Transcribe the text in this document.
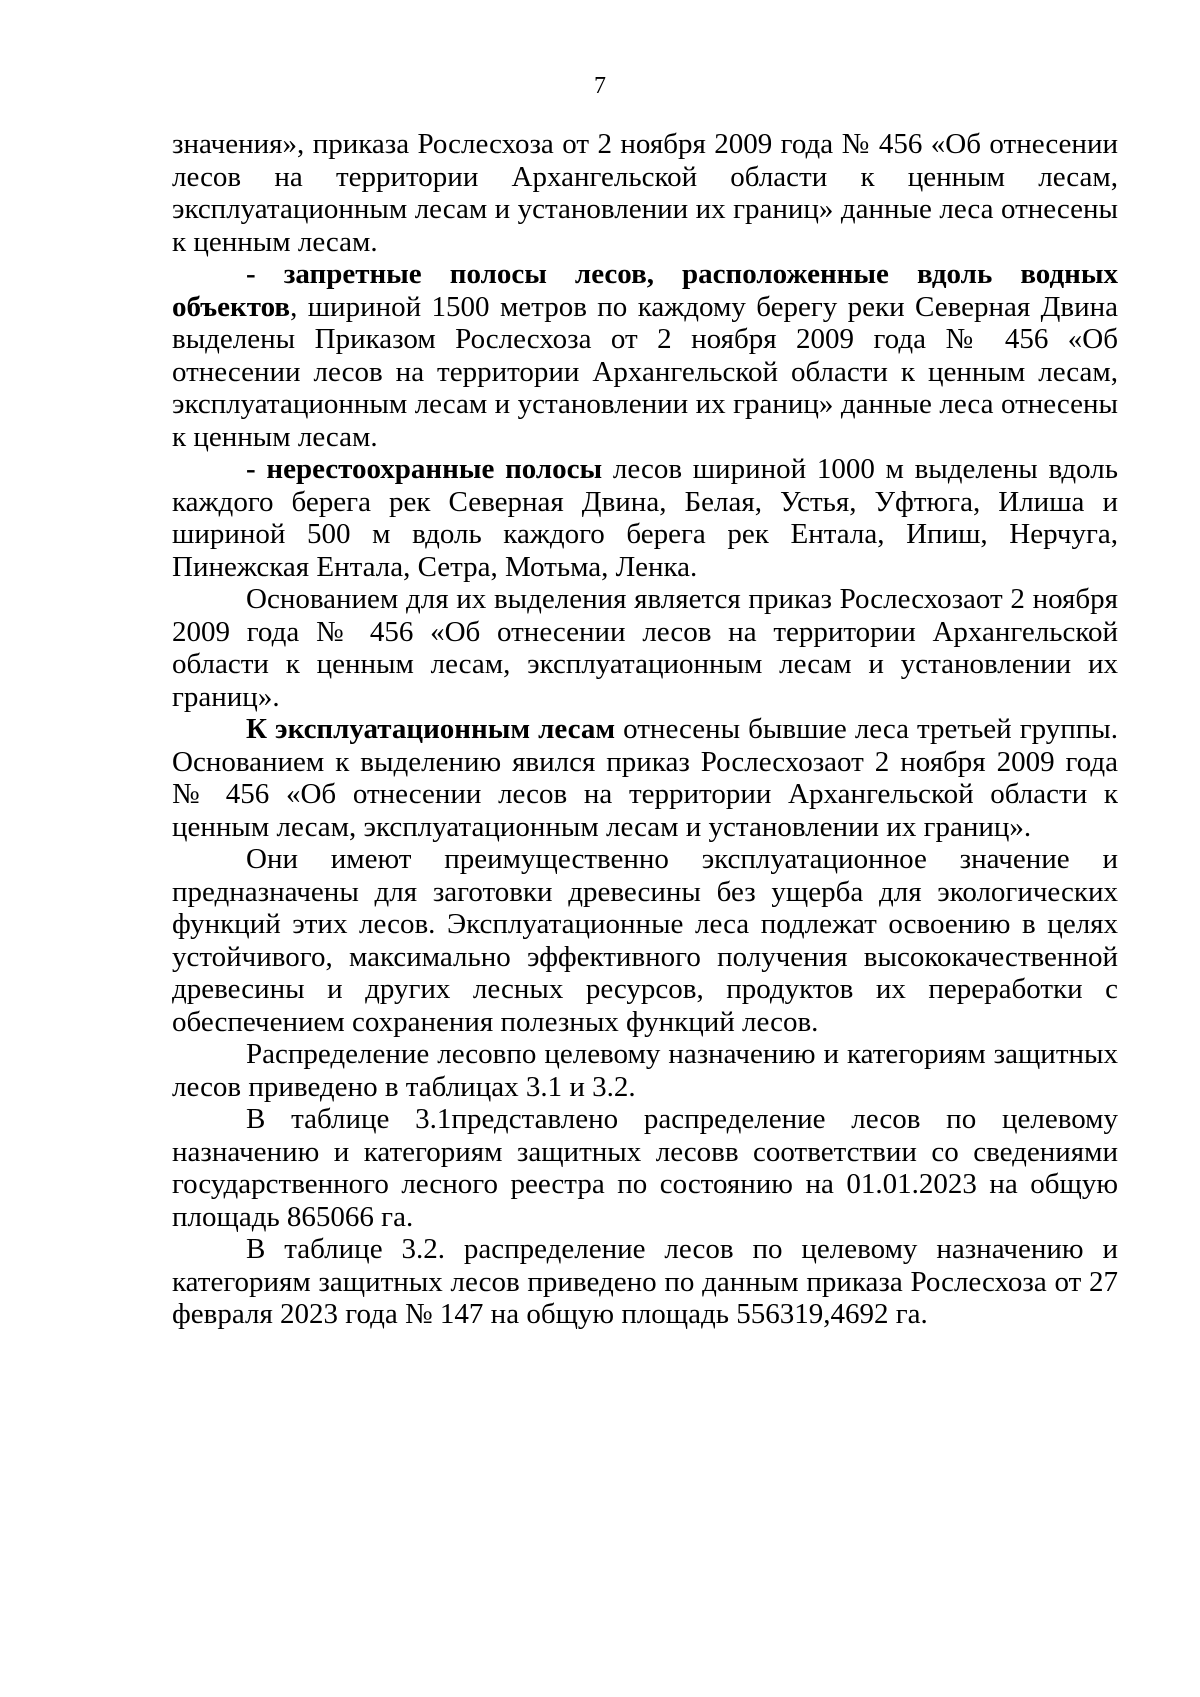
7

значения», приказа Рослесхоза от 2 ноября 2009 года № 456 «Об отнесении лесов на территории Архангельской области к ценным лесам, эксплуатационным лесам и установлении их границ» данные леса отнесены к ценным лесам.

- запретные полосы лесов, расположенные вдоль водных объектов, шириной 1500 метров по каждому берегу реки Северная Двина выделены Приказом Рослесхоза от 2 ноября 2009 года № 456 «Об отнесении лесов на территории Архангельской области к ценным лесам, эксплуатационным лесам и установлении их границ» данные леса отнесены к ценным лесам.

- нерестоохранные полосы лесов шириной 1000 м выделены вдоль каждого берега рек Северная Двина, Белая, Устья, Уфтюга, Илиша и шириной 500 м вдоль каждого берега рек Ентала, Ипиш, Нерчуга, Пинежская Ентала, Сетра, Мотьма, Ленка.

Основанием для их выделения является приказ Рослесхозаот 2 ноября 2009 года № 456 «Об отнесении лесов на территории Архангельской области к ценным лесам, эксплуатационным лесам и установлении их границ».

К эксплуатационным лесам отнесены бывшие леса третьей группы. Основанием к выделению явился приказ Рослесхозаот 2 ноября 2009 года № 456 «Об отнесении лесов на территории Архангельской области к ценным лесам, эксплуатационным лесам и установлении их границ».

Они имеют преимущественно эксплуатационное значение и предназначены для заготовки древесины без ущерба для экологических функций этих лесов. Эксплуатационные леса подлежат освоению в целях устойчивого, максимально эффективного получения высококачественной древесины и других лесных ресурсов, продуктов их переработки с обеспечением сохранения полезных функций лесов.

Распределение лесовпо целевому назначению и категориям защитных лесов приведено в таблицах 3.1 и 3.2.

В таблице 3.1представлено распределение лесов по целевому назначению и категориям защитных лесовв соответствии со сведениями государственного лесного реестра по состоянию на 01.01.2023 на общую площадь 865066 га.

В таблице 3.2. распределение лесов по целевому назначению и категориям защитных лесов приведено по данным приказа Рослесхоза от 27 февраля 2023 года № 147 на общую площадь 556319,4692 га.
